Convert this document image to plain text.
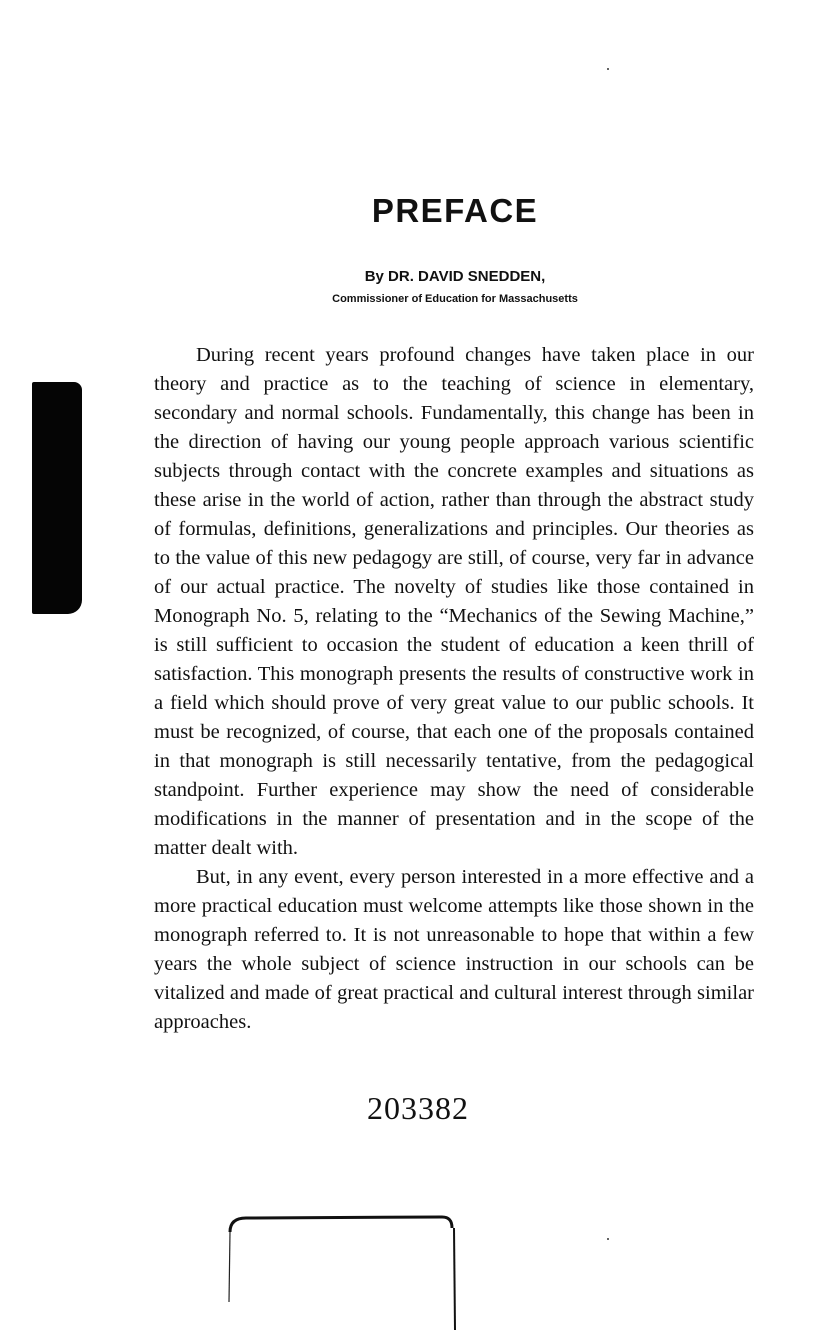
PREFACE
By DR. DAVID SNEDDEN,
Commissioner of Education for Massachusetts

During recent years profound changes have taken place in our theory and practice as to the teaching of science in elementary, secondary and normal schools. Fundamentally, this change has been in the direction of having our young people approach various scientific subjects through contact with the concrete examples and situations as these arise in the world of action, rather than through the abstract study of formulas, definitions, generalizations and principles. Our theories as to the value of this new pedagogy are still, of course, very far in advance of our actual practice. The novelty of studies like those contained in Monograph No. 5, relating to the “Mechanics of the Sewing Machine,” is still sufficient to occasion the student of education a keen thrill of satisfaction. This monograph presents the results of constructive work in a field which should prove of very great value to our public schools. It must be recognized, of course, that each one of the proposals contained in that monograph is still necessarily tentative, from the pedagogical standpoint. Further experience may show the need of considerable modifications in the manner of presentation and in the scope of the matter dealt with.

But, in any event, every person interested in a more effective and a more practical education must welcome attempts like those shown in the monograph referred to. It is not unreasonable to hope that within a few years the whole subject of science instruction in our schools can be vitalized and made of great practical and cultural interest through similar approaches.

203382
